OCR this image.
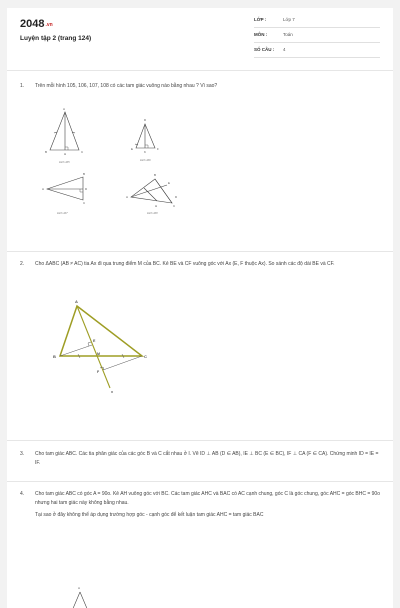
$2048^{.vn}$
Luyện tập 2 (trang 124)
LỚP :	Lớp 7
MÔN :	Toán
SỐ CÂU : 4
1.	Trên mỗi hình 105, 106, 107, 108 có các tam giác vuông nào bằng nhau ? Vì sao?

A
B	H	C
Hình 105
D
E
K
F
Hình 106
B
A	D
C
Hình 107
B
E
A	D
H	C
Hình 108
2.	Cho ΔABC (AB ≠ AC) tia Ax đi qua trung điểm M của BC. Kẻ BE và CF vuông góc với Ax (E, F thuộc Ax). So sánh các độ dài BE và CF.

A
B	C
E
M
F
x
3.	Cho tam giác ABC. Các tia phân giác của các góc B và C cắt nhau ở I. Vẽ ID ⊥ AB (D ∈ AB), IE ⊥ BC (E ∈ BC), IF ⊥ CA (F ∈ CA). Chứng minh ID = IE = IF.

4.	Cho tam giác ABC có góc A = 90o. Kẻ AH vuông góc với BC. Các tam giác AHC và BAC có AC cạnh chung, góc C là góc chung, góc AHC = góc BHC = 90o nhưng hai tam giác này không bằng nhau.

Tại sao ở đây không thể áp dụng trường hợp góc - cạnh góc để kết luận tam giác AHC = tam giác BAC

A
